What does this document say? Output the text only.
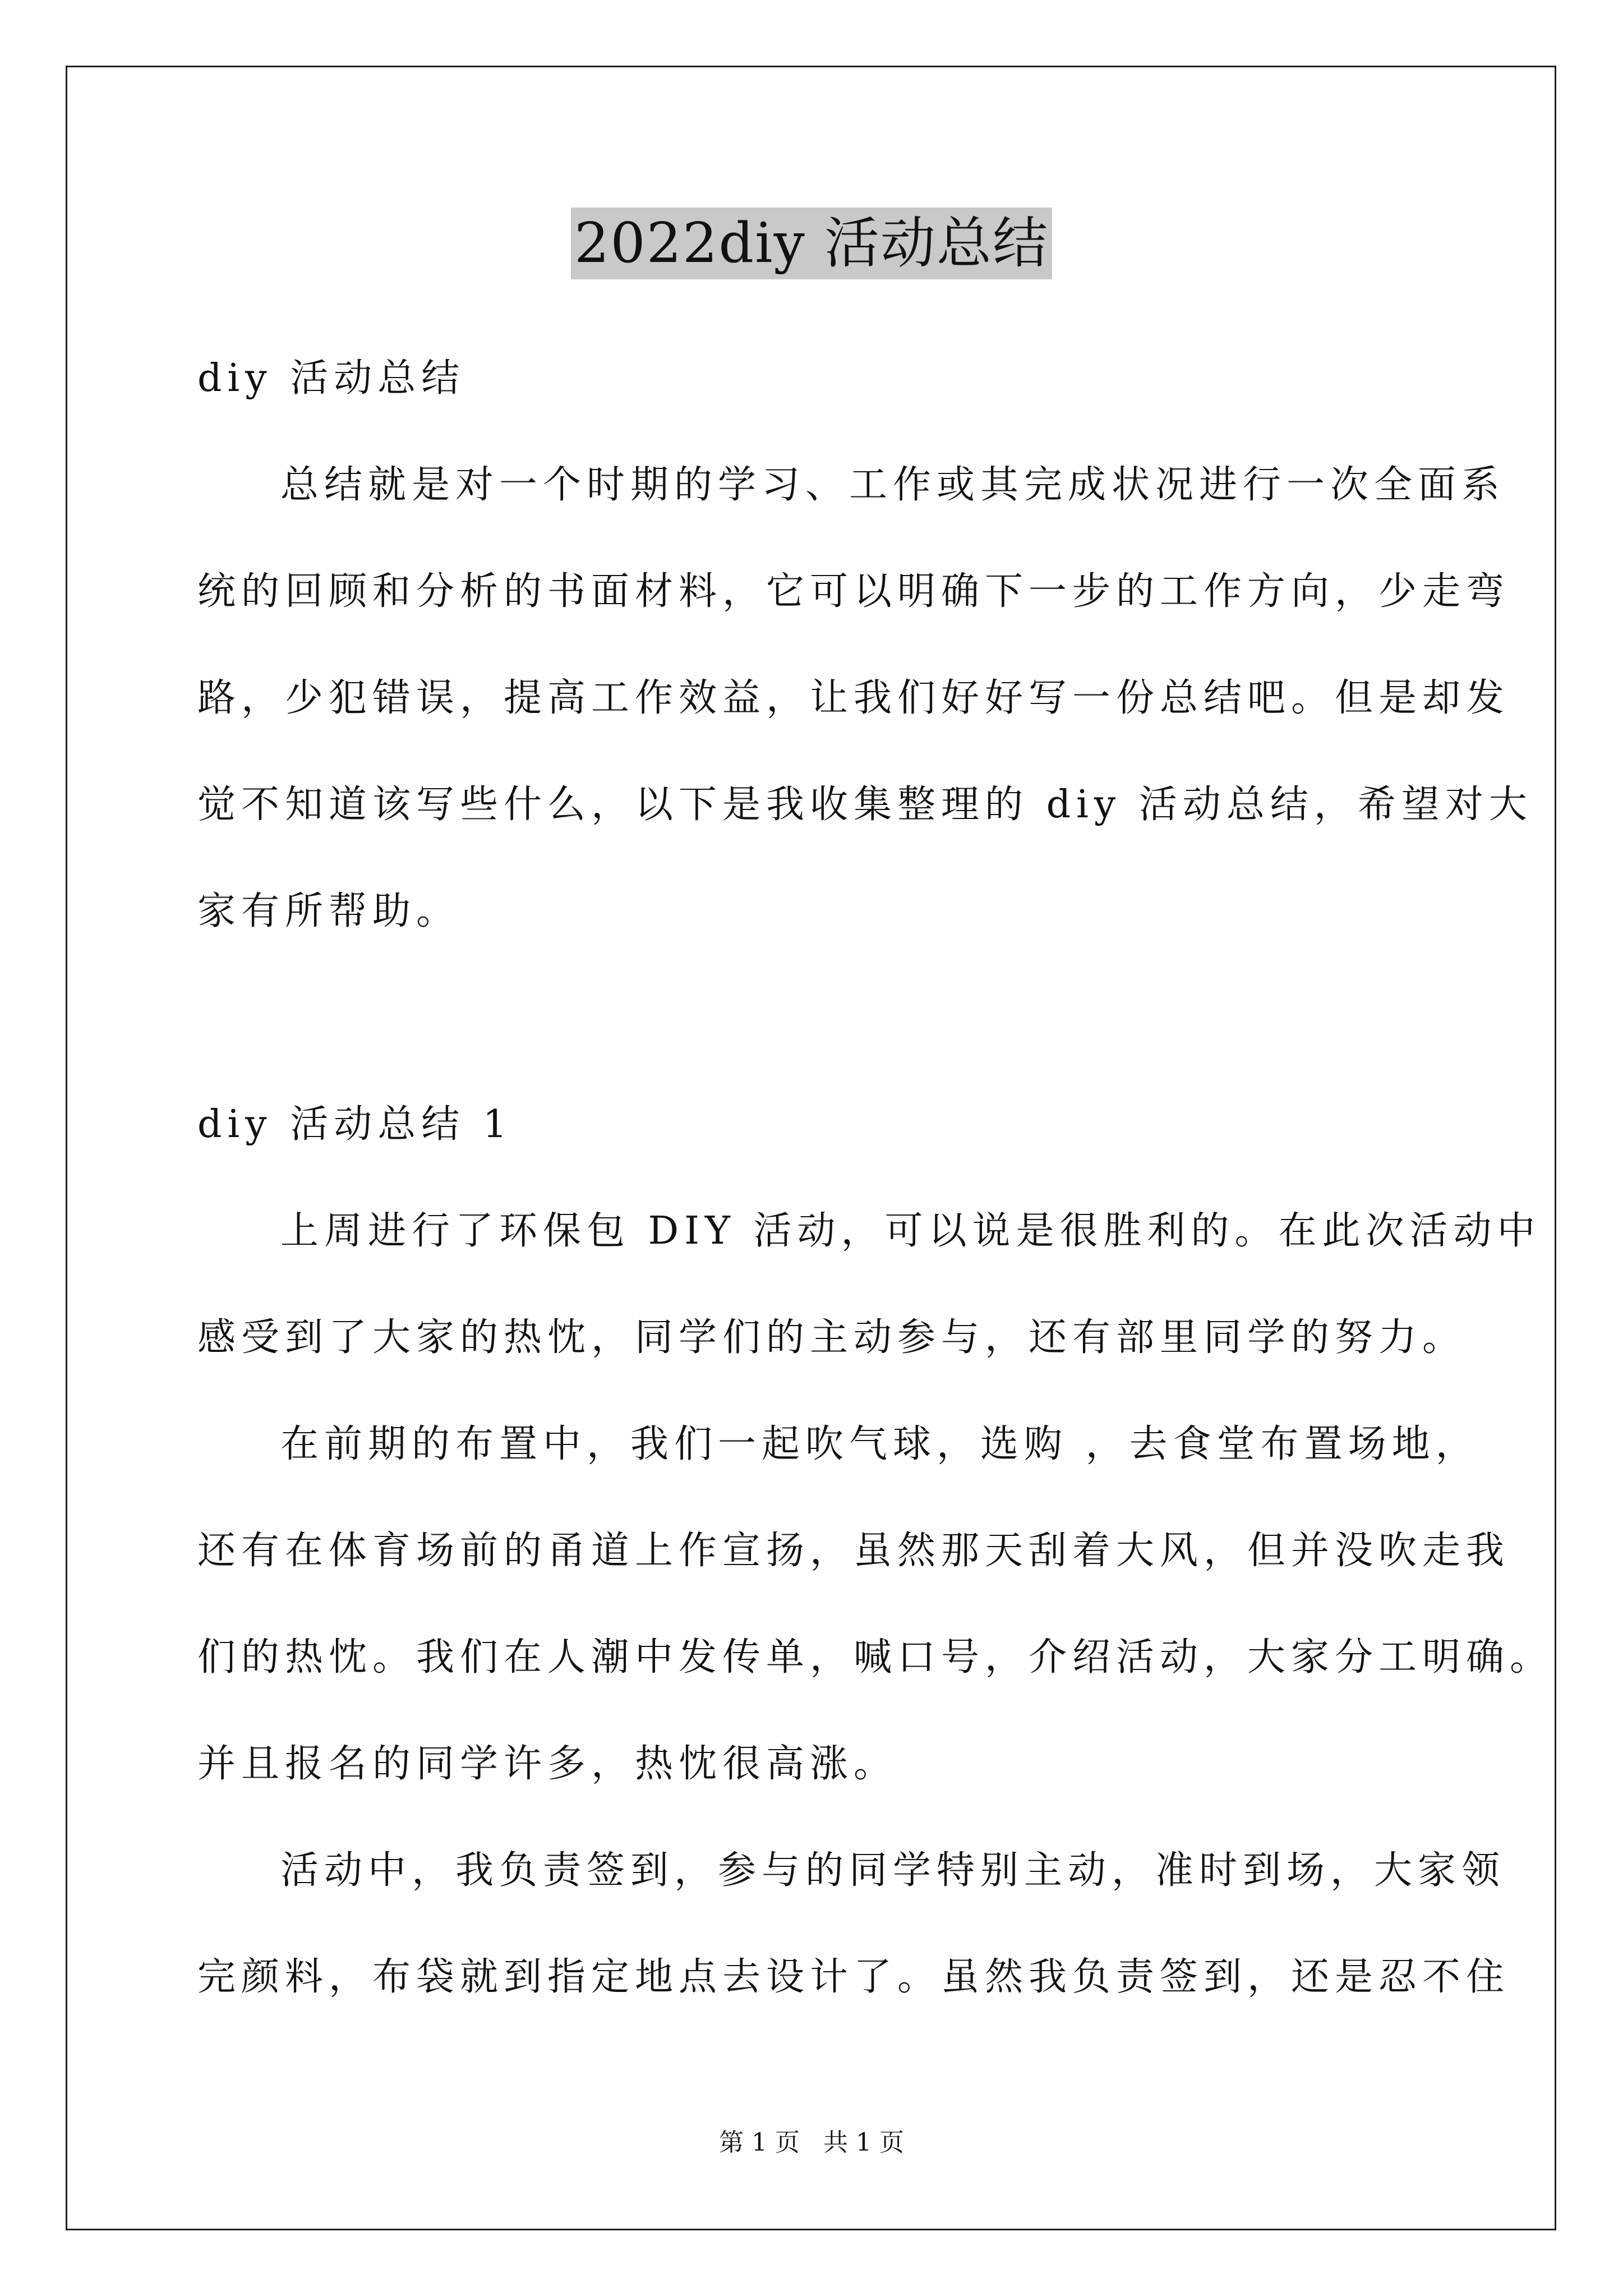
2022diy 活动总结
diy 活动总结
总结就是对一个时期的学习、工作或其完成状况进行一次全面系
统的回顾和分析的书面材料，它可以明确下一步的工作方向，少走弯
路，少犯错误，提高工作效益，让我们好好写一份总结吧。但是却发
觉不知道该写些什么，以下是我收集整理的 diy 活动总结，希望对大
家有所帮助。
diy 活动总结 1
上周进行了环保包 DIY 活动，可以说是很胜利的。在此次活动中
感受到了大家的热忱，同学们的主动参与，还有部里同学的努力。
在前期的布置中，我们一起吹气球，选购 ，去食堂布置场地，
还有在体育场前的甬道上作宣扬，虽然那天刮着大风，但并没吹走我
们的热忱。我们在人潮中发传单，喊口号，介绍活动，大家分工明确。
并且报名的同学许多，热忱很高涨。
活动中，我负责签到，参与的同学特别主动，准时到场，大家领
完颜料，布袋就到指定地点去设计了。虽然我负责签到，还是忍不住
第 1 页   共 1 页
